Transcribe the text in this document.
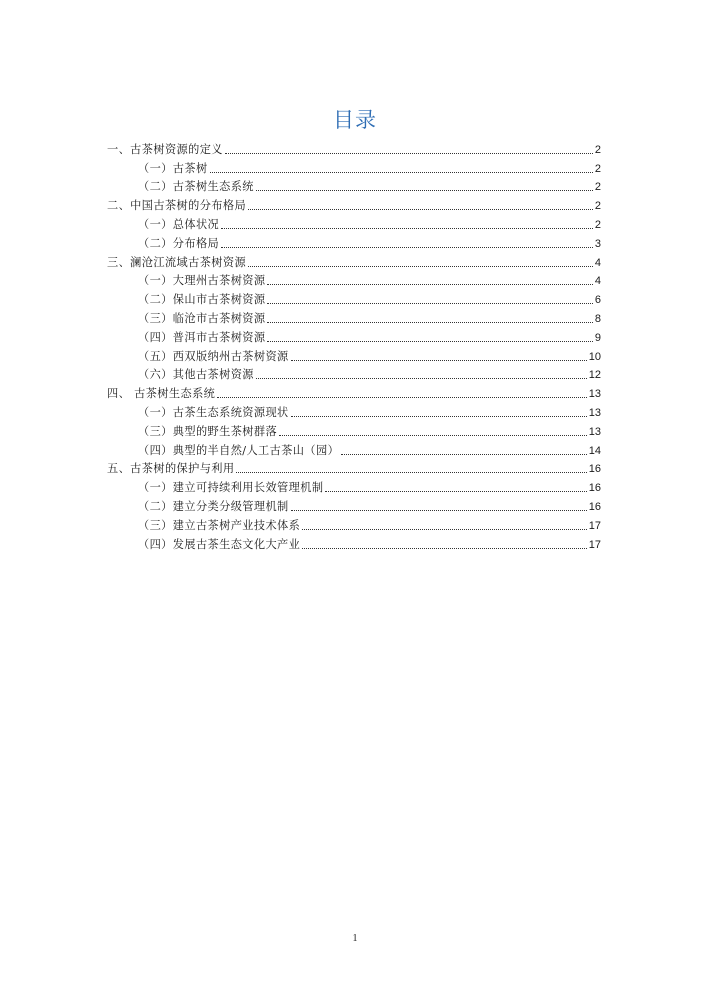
目录
一、古茶树资源的定义	2
（一）古茶树	2
（二）古茶树生态系统	2
二、中国古茶树的分布格局	2
（一）总体状况	2
（二）分布格局	3
三、澜沧江流域古茶树资源	4
（一）大理州古茶树资源	4
（二）保山市古茶树资源	6
（三）临沧市古茶树资源	8
（四）普洱市古茶树资源	9
（五）西双版纳州古茶树资源	10
（六）其他古茶树资源	12
四、 古茶树生态系统	13
（一）古茶生态系统资源现状	13
（三）典型的野生茶树群落	13
（四）典型的半自然/人工古茶山（园）	14
五、古茶树的保护与利用	16
（一）建立可持续利用长效管理机制	16
（二）建立分类分级管理机制	16
（三）建立古茶树产业技术体系	17
（四）发展古茶生态文化大产业	17
1
